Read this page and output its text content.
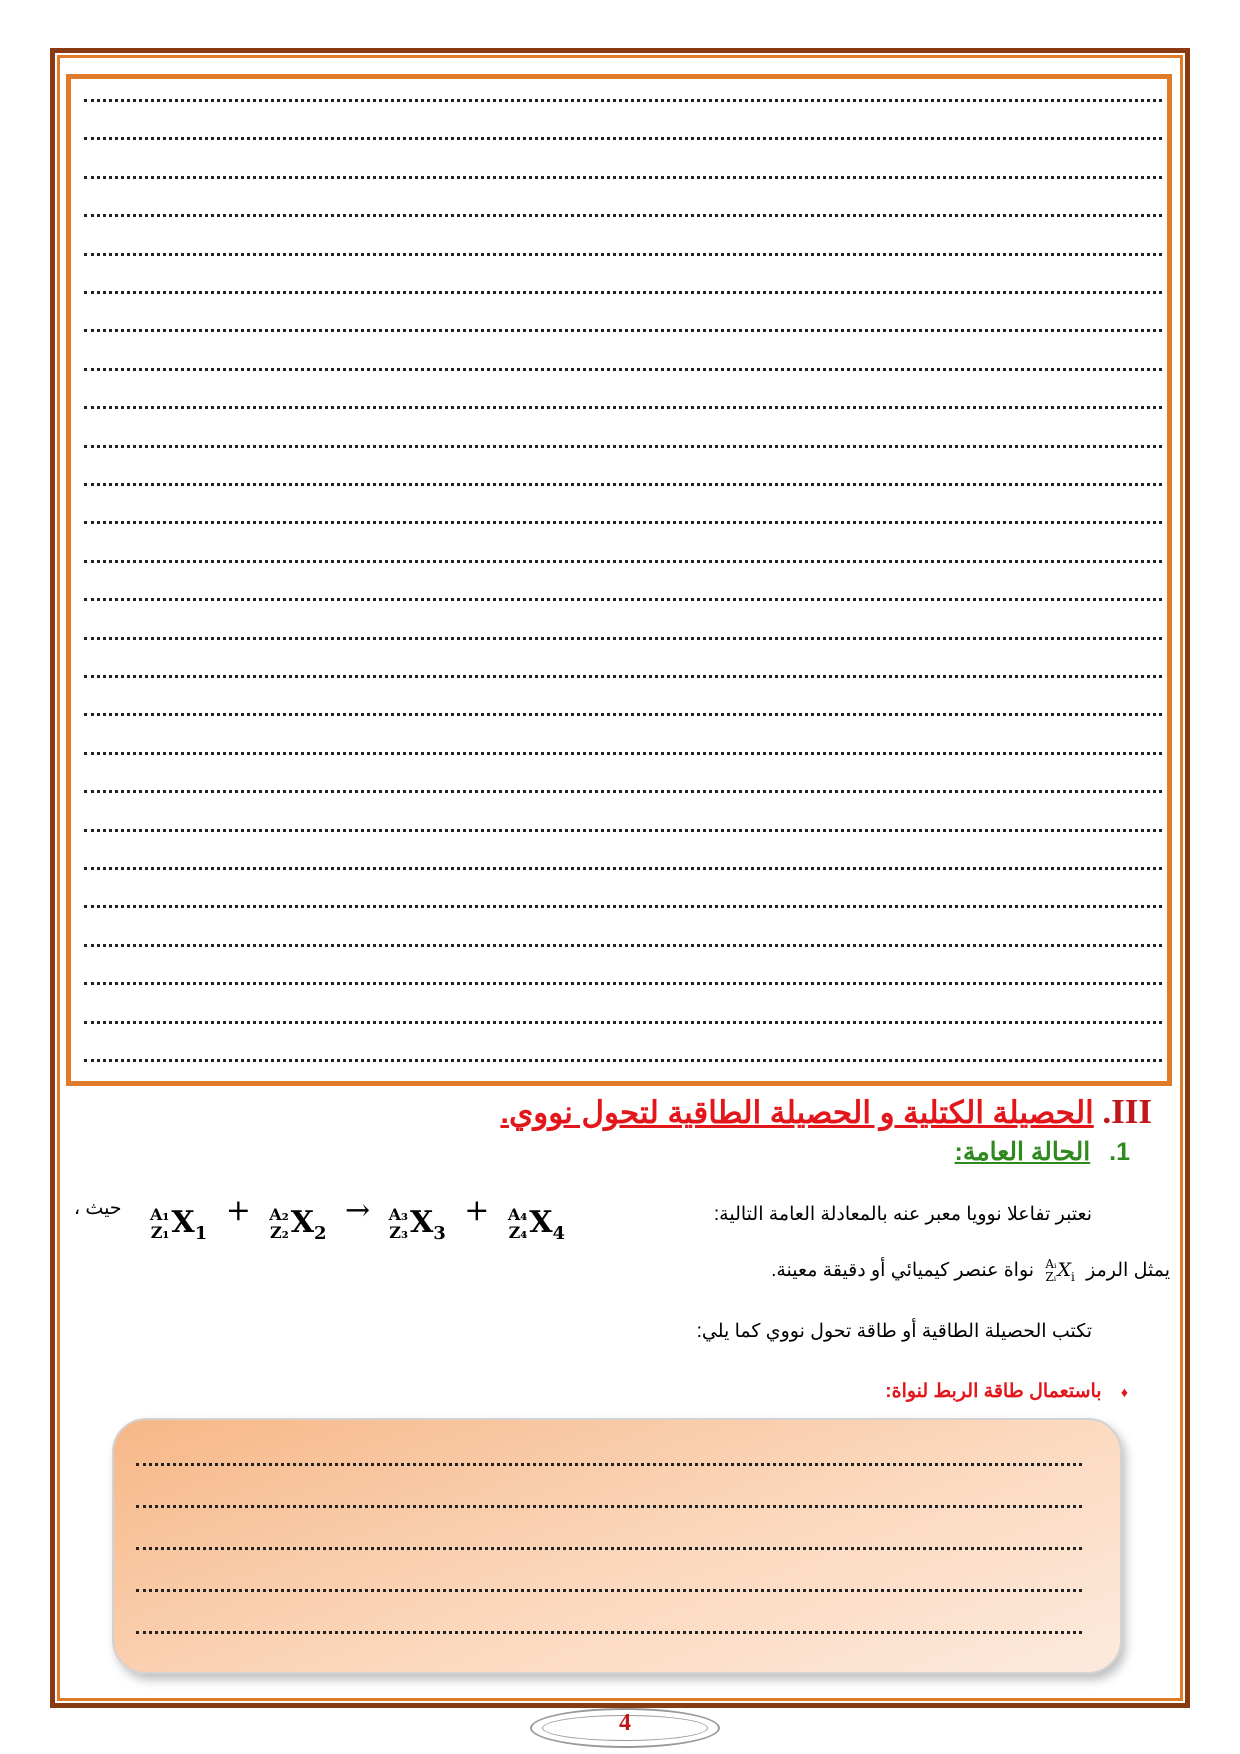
III. الحصيلة الكتلية و الحصيلة الطاقية لتحول نووي.
1. الحالة العامة:
نعتبر تفاعلا نوويا معبر عنه بالمعادلة العامة التالية:
، حيث A₁
Z₁ $X_1$
+ A₂
Z₂ $X_2$
→ A₃
Z₃ $X_3$
+ A₄
Z₄ $X_4$
يمثل الرمز
Aᵢ
Zᵢ $X_i$
نواة عنصر كيميائي أو دقيقة معينة.
تكتب الحصيلة الطاقية أو طاقة تحول نووي كما يلي:
♦ باستعمال طاقة الربط لنواة:
4
